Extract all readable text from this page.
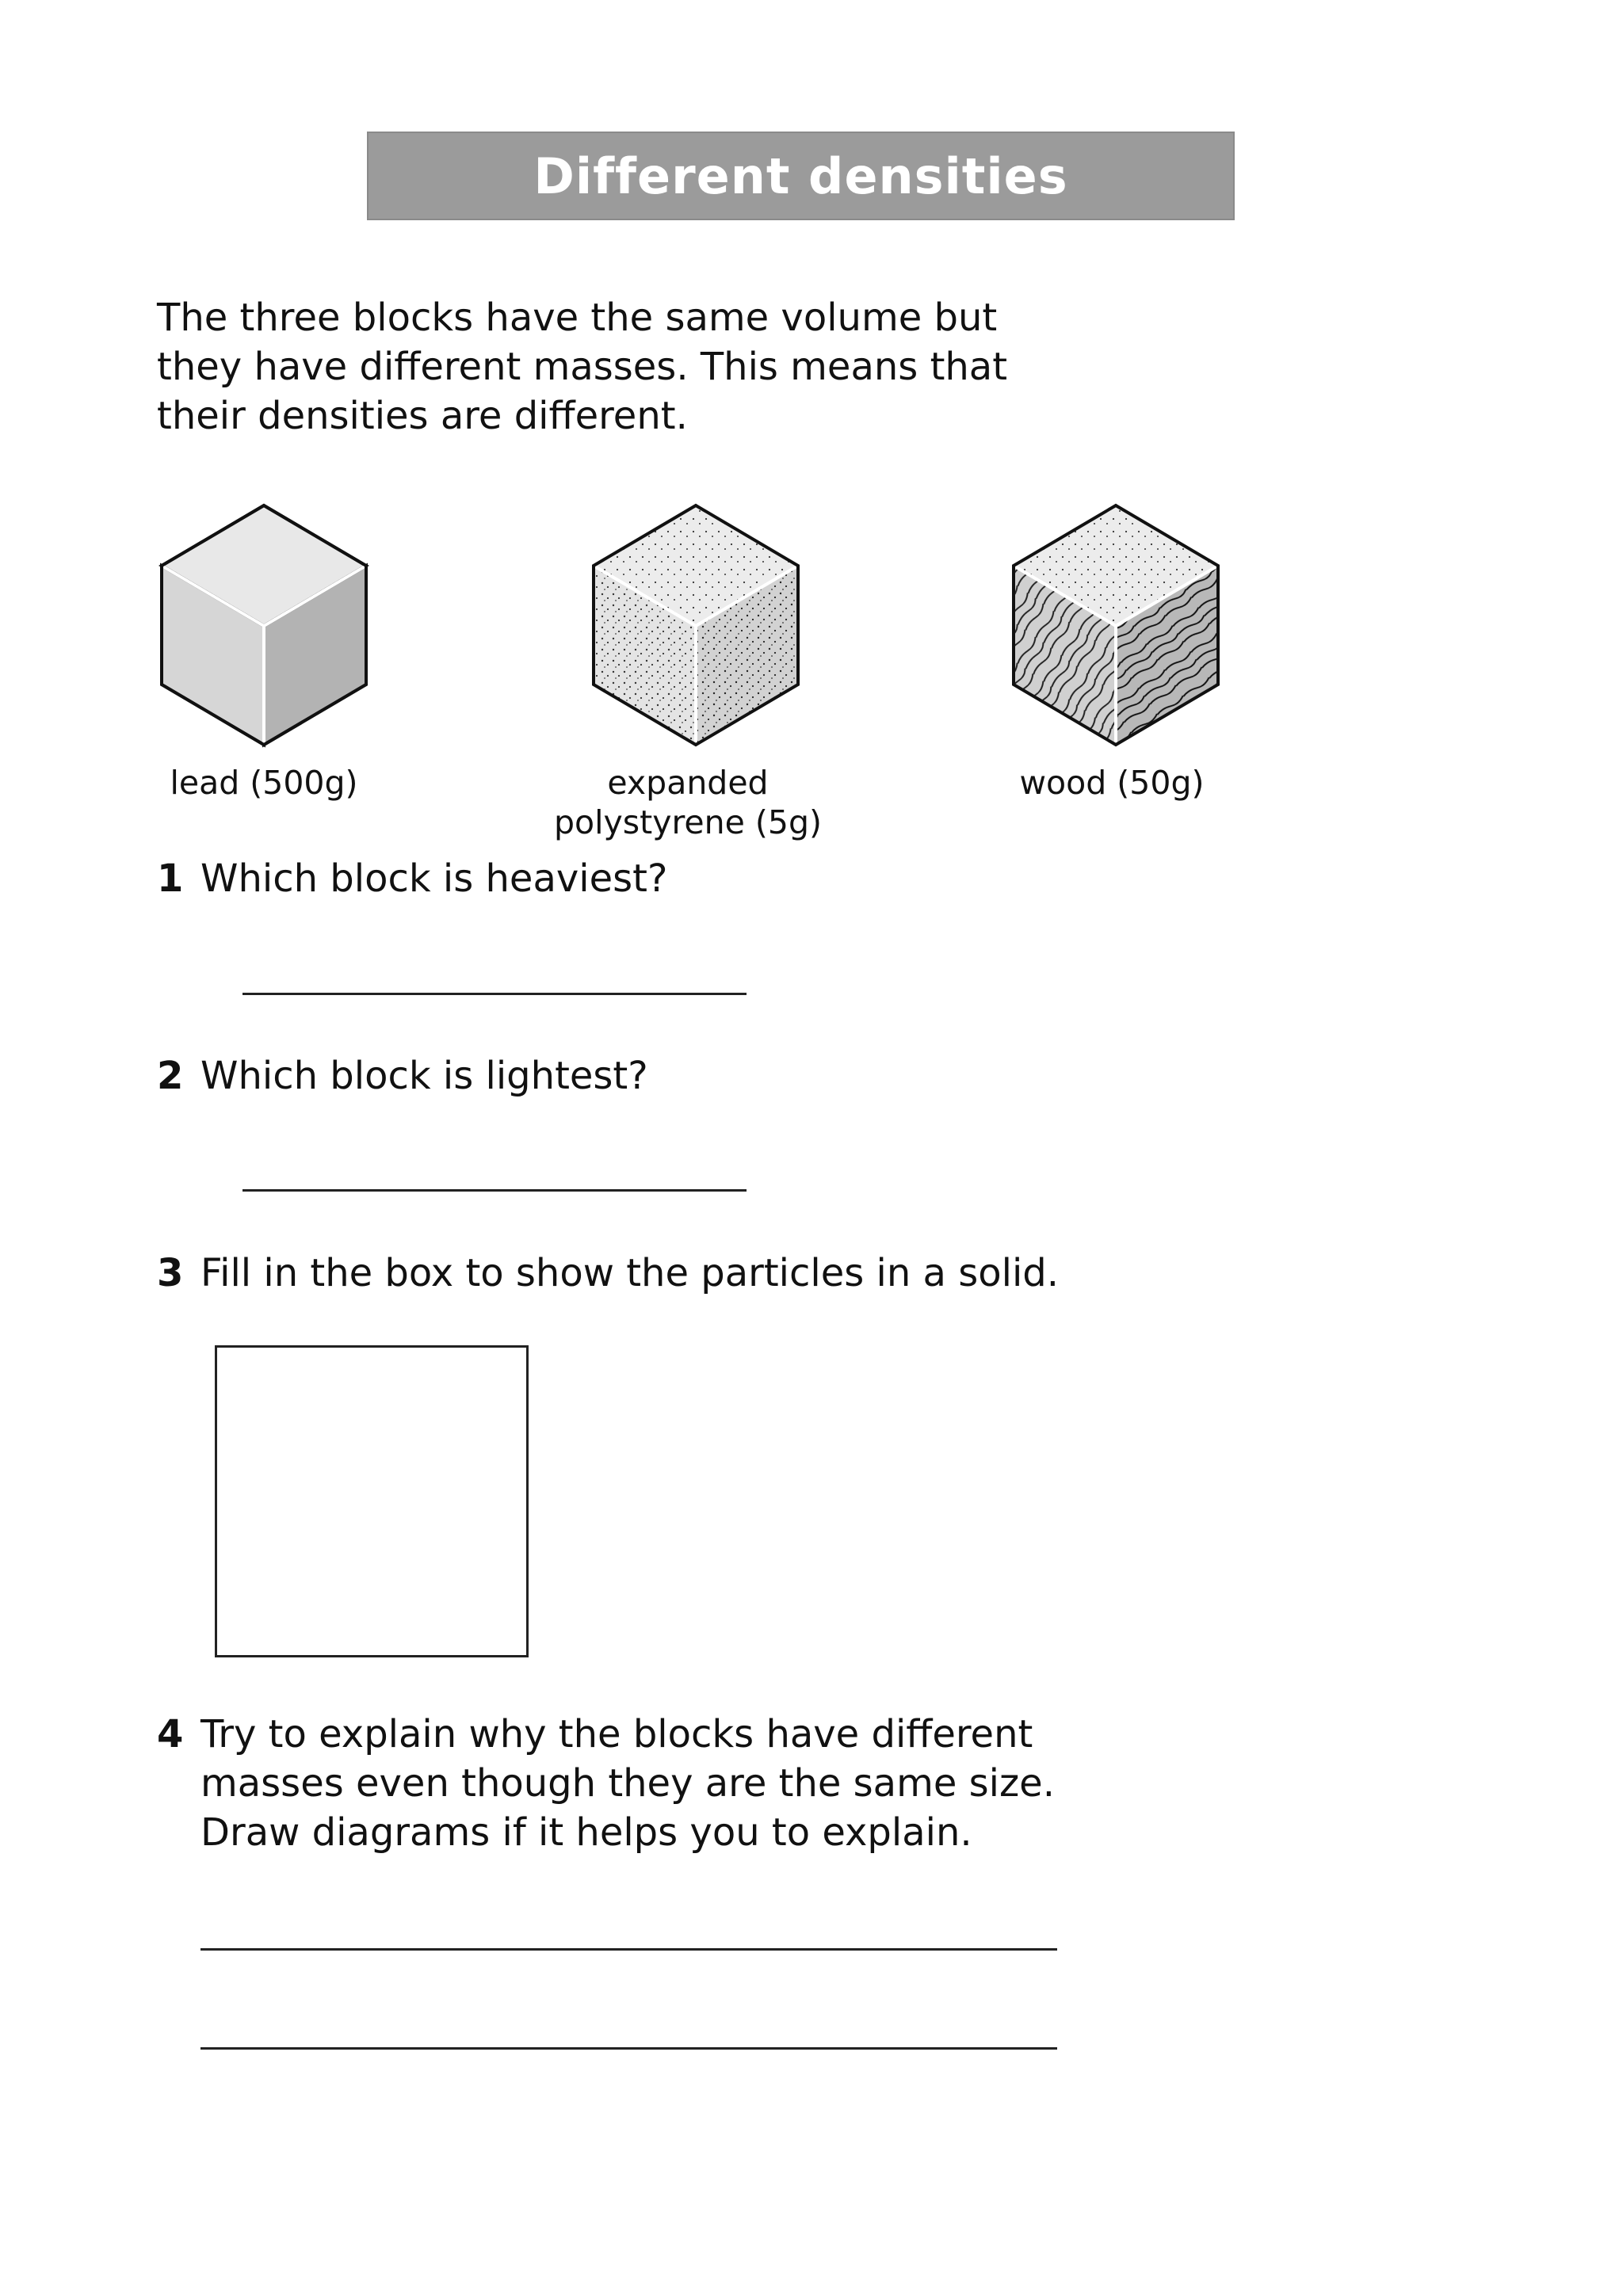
Different densities
The three blocks have the same volume but
they have different masses. This means that
their densities are different.
lead (500g)	expanded
polystyrene (5g)
wood (50g)
1 Which block is heaviest?
2 Which block is lightest?
3 Fill in the box to show the particles in a solid.
4 Try to explain why the blocks have different
masses even though they are the same size.
Draw diagrams if it helps you to explain.
